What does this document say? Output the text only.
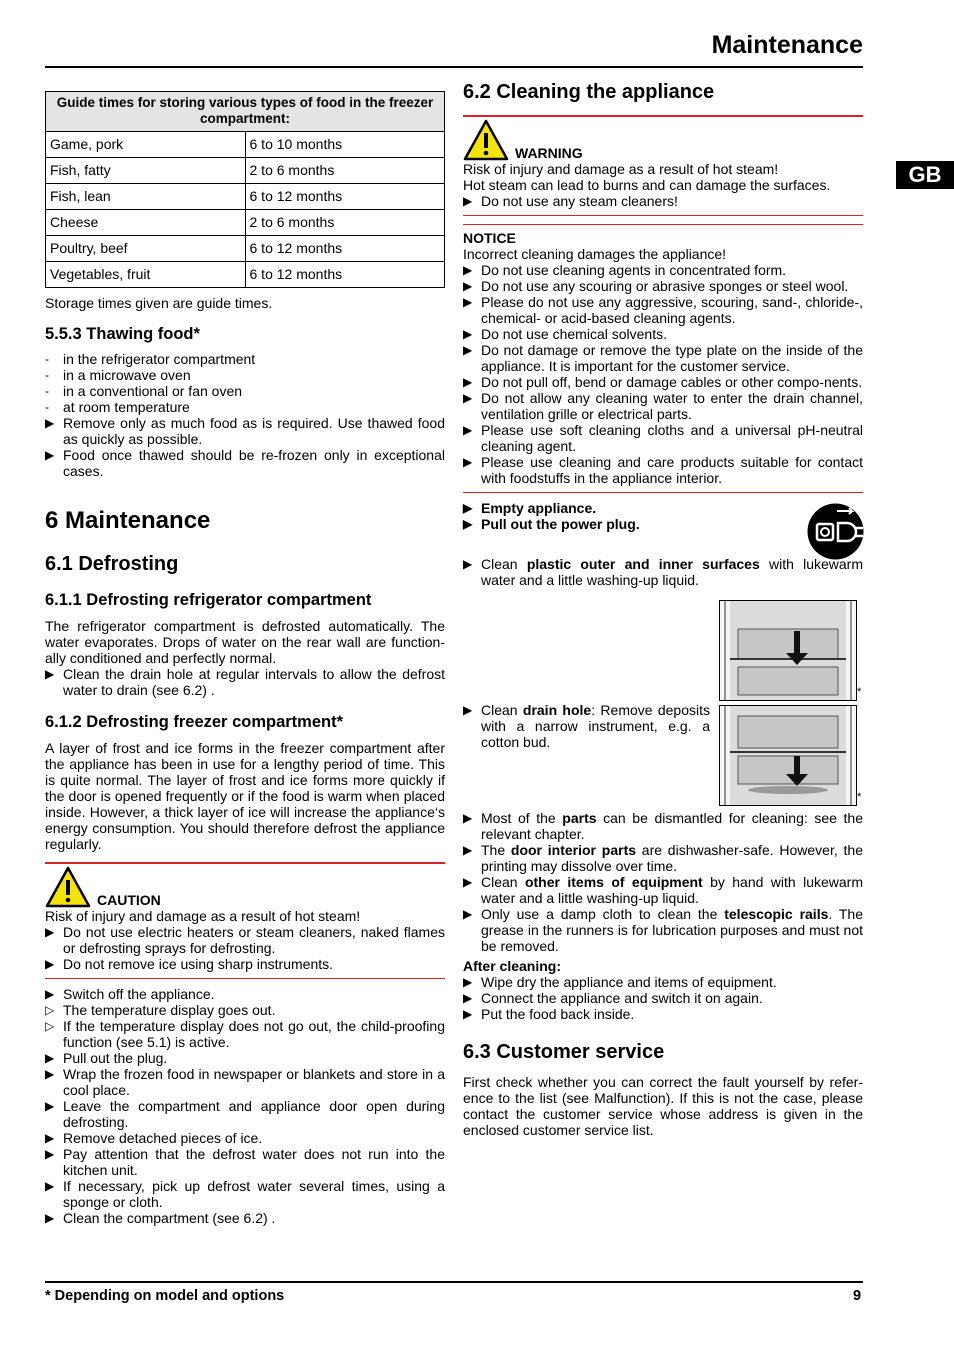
Maintenance
GB
Guide times for storing various types of food in the freezer compartment:	
Game, pork	6 to 10 months
Fish, fatty	2 to 6 months
Fish, lean	6 to 12 months
Cheese	2 to 6 months
Poultry, beef	6 to 12 months
Vegetables, fruit	6 to 12 months

Storage times given are guide times.

5.5.3 Thawing food*
- in the refrigerator compartment
- in a microwave oven
- in a conventional or fan oven
- at room temperature
▶ Remove only as much food as is required. Use thawed food as quickly as possible.
▶ Food once thawed should be re-frozen only in exceptional cases.
6 Maintenance
6.1 Defrosting
6.1.1 Defrosting refrigerator compartment

The refrigerator compartment is defrosted automatically. The water evaporates. Drops of water on the rear wall are function-ally conditioned and perfectly normal.

▶ Clean the drain hole at regular intervals to allow the defrost water to drain (see 6.2) .
6.1.2 Defrosting freezer compartment*

A layer of frost and ice forms in the freezer compartment after the appliance has been in use for a lengthy period of time. This is quite normal. The layer of frost and ice forms more quickly if the door is opened frequently or if the food is warm when placed inside. However, a thick layer of ice will increase the appliance‘s energy consumption. You should therefore defrost the appliance regularly.

CAUTION

Risk of injury and damage as a result of hot steam!

▶ Do not use electric heaters or steam cleaners, naked flames or defrosting sprays for defrosting.
▶ Do not remove ice using sharp instruments.
▶ Switch off the appliance.
▷ The temperature display goes out.
▷ If the temperature display does not go out, the child-proofing function (see 5.1) is active.
▶ Pull out the plug.
▶ Wrap the frozen food in newspaper or blankets and store in a cool place.
▶ Leave the compartment and appliance door open during defrosting.
▶ Remove detached pieces of ice.
▶ Pay attention that the defrost water does not run into the kitchen unit.
▶ If necessary, pick up defrost water several times, using a sponge or cloth.
▶ Clean the compartment (see 6.2) .
6.2 Cleaning the appliance
WARNING

Risk of injury and damage as a result of hot steam!

Hot steam can lead to burns and can damage the surfaces.

▶ Do not use any steam cleaners!

NOTICE

Incorrect cleaning damages the appliance!

▶ Do not use cleaning agents in concentrated form.
▶ Do not use any scouring or abrasive sponges or steel wool.
▶ Please do not use any aggressive, scouring, sand-, chloride-, chemical- or acid-based cleaning agents.
▶ Do not use chemical solvents.
▶ Do not damage or remove the type plate on the inside of the appliance. It is important for the customer service.
▶ Do not pull off, bend or damage cables or other compo-nents.
▶ Do not allow any cleaning water to enter the drain channel, ventilation grille or electrical parts.
▶ Please use soft cleaning cloths and a universal pH-neutral cleaning agent.
▶ Please use cleaning and care products suitable for contact with foodstuffs in the appliance interior.
▶ Empty appliance.
▶ Pull out the power plug.
▶ Clean plastic outer and inner surfaces with lukewarm water and a little washing-up liquid.
*
*
▶ Clean drain hole: Remove deposits with a narrow instrument, e.g. a cotton bud.
▶ Most of the parts can be dismantled for cleaning: see the relevant chapter.
▶ The door interior parts are dishwasher-safe. However, the printing may dissolve over time.
▶ Clean other items of equipment by hand with lukewarm water and a little washing-up liquid.
▶ Only use a damp cloth to clean the telescopic rails. The grease in the runners is for lubrication purposes and must not be removed.

After cleaning:

▶ Wipe dry the appliance and items of equipment.
▶ Connect the appliance and switch it on again.
▶ Put the food back inside.
6.3 Customer service

First check whether you can correct the fault yourself by refer-ence to the list (see Malfunction). If this is not the case, please contact the customer service whose address is given in the enclosed customer service list.

* Depending on model and options	9
